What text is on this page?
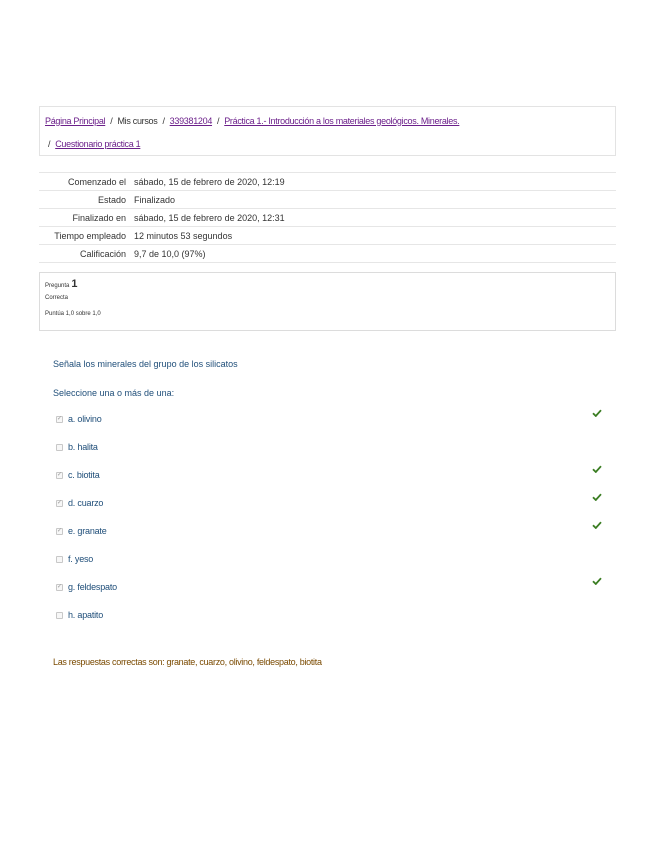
Página Principal / Mis cursos / 339381204 / Práctica 1.- Introducción a los materiales geológicos. Minerales.
/ Cuestionario práctica 1
Comenzado el	sábado, 15 de febrero de 2020, 12:19
Estado	Finalizado
Finalizado en	sábado, 15 de febrero de 2020, 12:31
Tiempo empleado	12 minutos 53 segundos
Calificación	9,7 de 10,0 (97%)
Pregunta 1
Correcta
Puntúa 1,0 sobre 1,0
Señala los minerales del grupo de los silicatos
Seleccione una o más de una:
✓ a. olivino
b. halita
✓ c. biotita
✓ d. cuarzo
✓ e. granate
f. yeso
✓ g. feldespato
h. apatito
Las respuestas correctas son: granate, cuarzo, olivino, feldespato, biotita
